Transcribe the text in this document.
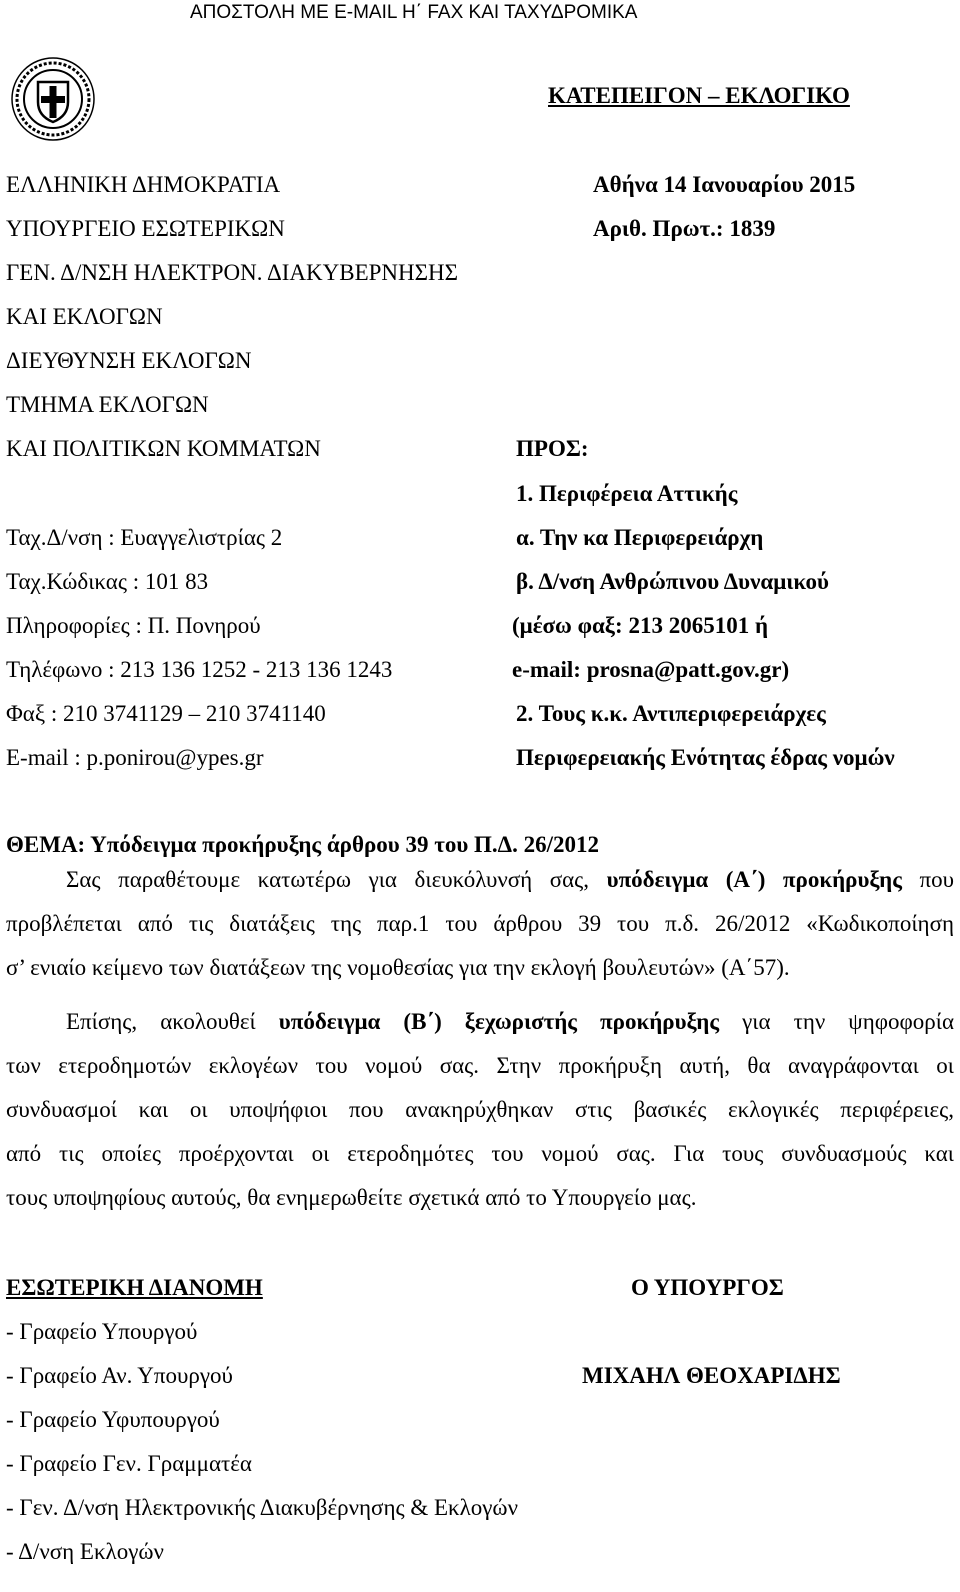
ΑΠΟΣΤΟΛΗ ΜΕ E-MAIL Η΄ FAX ΚΑΙ ΤΑΧΥΔΡΟΜΙΚΑ
ΚΑΤΕΠΕΙΓΟΝ – ΕΚΛΟΓΙΚΟ
ΕΛΛΗΝΙΚΗ ΔΗΜΟΚΡΑΤΙΑ
ΥΠΟΥΡΓΕΙΟ ΕΣΩΤΕΡΙΚΩΝ
ΓΕΝ. Δ/ΝΣΗ ΗΛΕΚΤΡΟΝ. ΔΙΑΚΥΒΕΡΝΗΣΗΣ
ΚΑΙ ΕΚΛΟΓΩΝ
ΔΙΕΥΘΥΝΣΗ ΕΚΛΟΓΩΝ
ΤΜΗΜΑ ΕΚΛΟΓΩΝ
ΚΑΙ ΠΟΛΙΤΙΚΩΝ ΚΟΜΜΑΤΩΝ
Ταχ.Δ/νση : Ευαγγελιστρίας 2
Ταχ.Κώδικας : 101 83
Πληροφορίες : Π. Πονηρού
Τηλέφωνο : 213 136 1252 - 213 136 1243
Φαξ : 210 3741129 – 210 3741140
E-mail : p.ponirou@ypes.gr
Αθήνα 14 Ιανουαρίου 2015
Αριθ. Πρωτ.: 1839
ΠΡΟΣ:
1. Περιφέρεια Αττικής
α. Την κα Περιφερειάρχη
β. Δ/νση Ανθρώπινου Δυναμικού
(μέσω φαξ: 213 2065101 ή
e-mail: prosna@patt.gov.gr)
2. Τους κ.κ. Αντιπεριφερειάρχες
Περιφερειακής Ενότητας έδρας νομών
ΘΕΜΑ: Υπόδειγμα προκήρυξης άρθρου 39 του Π.Δ. 26/2012
Σας παραθέτουμε κατωτέρω για διευκόλυνσή σας, υπόδειγμα (Α΄) προκήρυξης που
προβλέπεται από τις διατάξεις της παρ.1 του άρθρου 39 του π.δ. 26/2012 «Κωδικοποίηση
σ’ ενιαίο κείμενο των διατάξεων της νομοθεσίας για την εκλογή βουλευτών» (Α΄57).
Επίσης, ακολουθεί υπόδειγμα (Β΄) ξεχωριστής προκήρυξης για την ψηφοφορία
των ετεροδημοτών εκλογέων του νομού σας. Στην προκήρυξη αυτή, θα αναγράφονται οι
συνδυασμοί και οι υποψήφιοι που ανακηρύχθηκαν στις βασικές εκλογικές περιφέρειες,
από τις οποίες προέρχονται οι ετεροδημότες του νομού σας. Για τους συνδυασμούς και
τους υποψηφίους αυτούς, θα ενημερωθείτε σχετικά από το Υπουργείο μας.
ΕΣΩΤΕΡΙΚΗ ΔΙΑΝΟΜΗ
- Γραφείο Υπουργού
- Γραφείο Αν. Υπουργού
- Γραφείο Υφυπουργού
- Γραφείο Γεν. Γραμματέα
- Γεν. Δ/νση Ηλεκτρονικής Διακυβέρνησης & Εκλογών
- Δ/νση Εκλογών
Ο ΥΠΟΥΡΓΟΣ
ΜΙΧΑΗΛ ΘΕΟΧΑΡΙΔΗΣ
